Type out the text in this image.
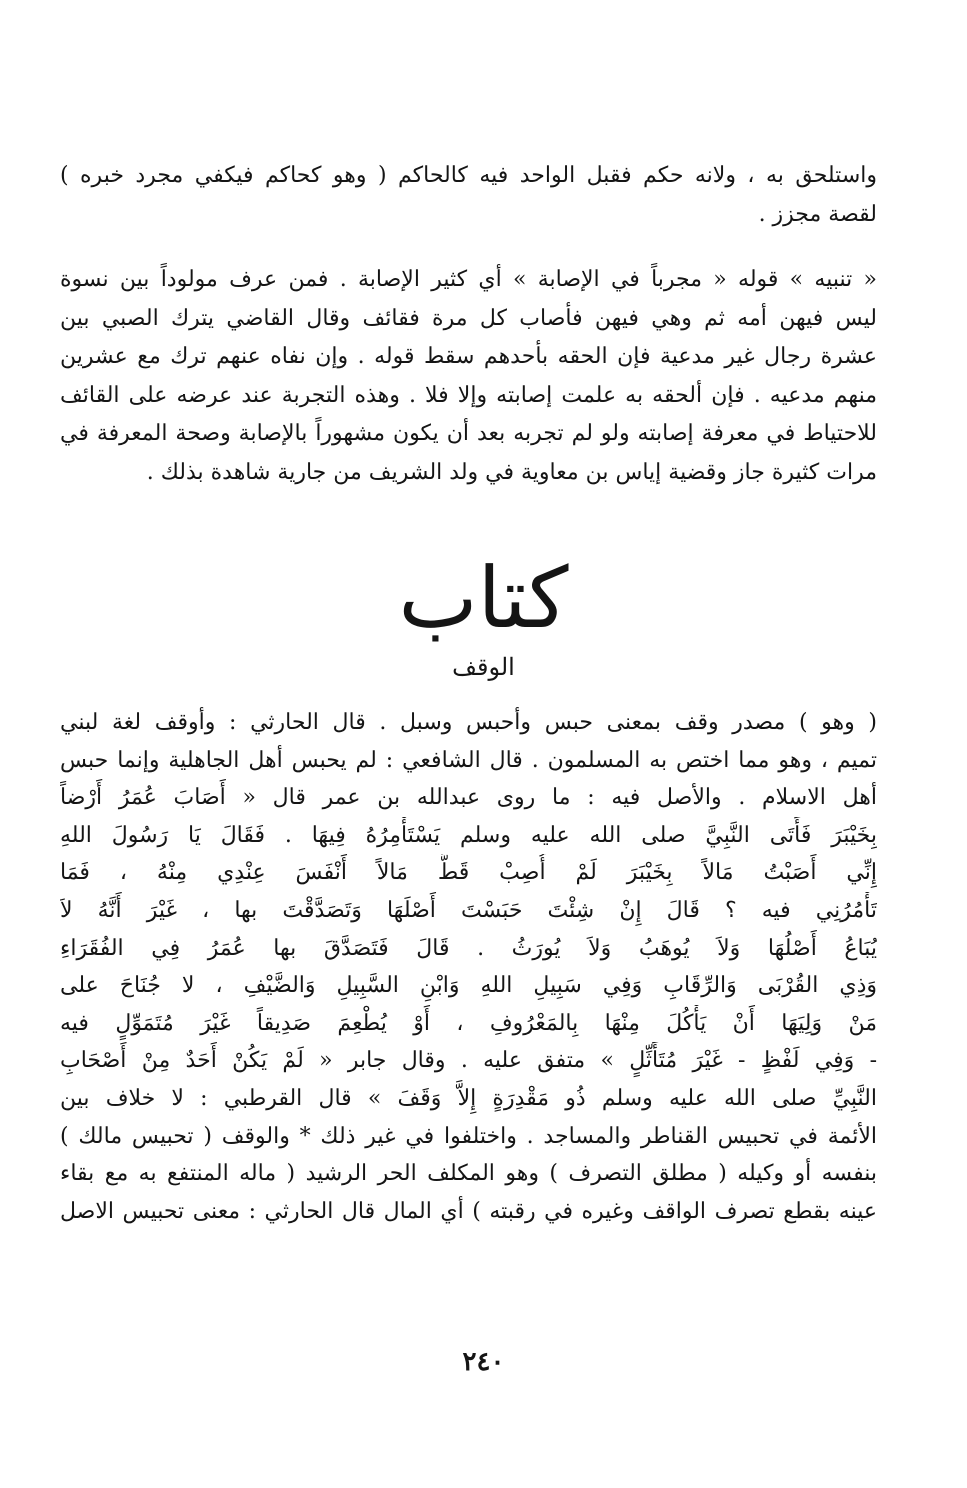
واستلحق به ، ولانه حكم فقبل الواحد فيه كالحاكم ( وهو كحاكم فيكفي مجرد خبره )
لقصة مجزز .
« تنبيه » قوله « مجرباً في الإصابة » أي كثير الإصابة . فمن عرف مولوداً بين نسوة
ليس فيهن أمه ثم وهي فيهن فأصاب كل مرة فقائف وقال القاضي يترك الصبي بين
عشرة رجال غير مدعية فإن الحقه بأحدهم سقط قوله . وإن نفاه عنهم ترك مع عشرين
منهم مدعيه . فإن ألحقه به علمت إصابته وإلا فلا . وهذه التجربة عند عرضه على القائف
للاحتياط في معرفة إصابته ولو لم تجربه بعد أن يكون مشهوراً بالإصابة وصحة المعرفة في
مرات كثيرة جاز وقضية إياس بن معاوية في ولد الشريف من جارية شاهدة بذلك .
كتاب
الوقف
( وهو ) مصدر وقف بمعنى حبس وأحبس وسبل . قال الحارثي : وأوقف لغة لبني
تميم ، وهو مما اختص به المسلمون . قال الشافعي : لم يحبس أهل الجاهلية وإنما حبس
أهل الاسلام . والأصل فيه : ما روى عبدالله بن عمر قال « أَصَابَ عُمَرُ أَرْضاً
بِخَيْبَرَ فَأَتَى النَّبِيَّ صلى الله عليه وسلم يَسْتَأْمِرُهُ فِيهَا . فَقَالَ يَا رَسُولَ اللهِ
إِنِّي أَصَبْتُ مَالاً بِخَيْبَرَ لَمْ أُصِبْ قَطُّ مَالاً أَنْفَسَ عِنْدِي مِنْهُ ، فَمَا
تَأْمُرُنِي فيه ؟ قَالَ إِنْ شِئْتَ حَبَسْتَ أَصْلَهَا وَتَصَدَّقْتَ بها ، غَيْرَ أَنَّهُ لاَ
يُبَاعُ أَصْلُهَا وَلاَ يُوهَبُ وَلاَ يُورَثُ . قَالَ فَتَصَدَّقَ بها عُمَرُ فِي الفُقَرَاءِ
وَذِي القُرْبَى وَالرِّقَابِ وَفِي سَبِيلِ اللهِ وَابْنِ السَّبِيلِ وَالضَّيْفِ ، لا جُنَاحَ على
مَنْ وَلِيَهَا أَنْ يَأْكُلَ مِنْهَا بِالمَعْرُوفِ ، أَوْ يُطْعِمَ صَدِيقاً غَيْرَ مُتَمَوِّلٍ فيه
- وَفِي لَفْظٍ - غَيْرَ مُتَأَثِّلٍ » متفق عليه . وقال جابر « لَمْ يَكُنْ أَحَدٌ مِنْ أَصْحَابِ
النَّبِيِّ صلى الله عليه وسلم ذُو مَقْدِرَةٍ إِلاَّ وَقَفَ » قال القرطبي : لا خلاف بين
الأئمة في تحبيس القناطر والمساجد . واختلفوا في غير ذلك * والوقف ( تحبيس مالك )
بنفسه أو وكيله ( مطلق التصرف ) وهو المكلف الحر الرشيد ( ماله المنتفع به مع بقاء
عينه بقطع تصرف الواقف وغيره في رقبته ) أي المال قال الحارثي : معنى تحبيس الاصل
٢٤٠
